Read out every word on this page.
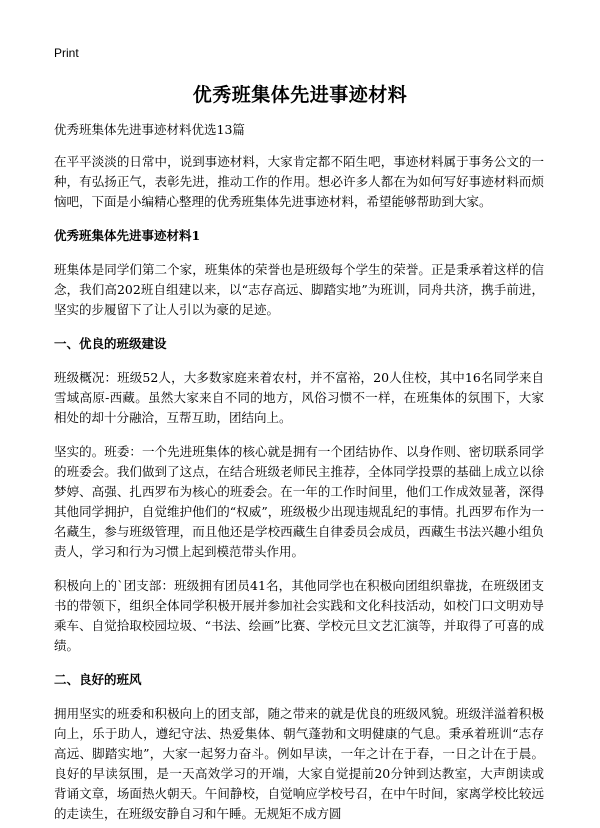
Print
优秀班集体先进事迹材料
优秀班集体先进事迹材料优选13篇

在平平淡淡的日常中，说到事迹材料，大家肯定都不陌生吧，事迹材料属于事务公文的一种，有弘扬正气，表彰先进，推动工作的作用。想必许多人都在为如何写好事迹材料而烦恼吧，下面是小编精心整理的优秀班集体先进事迹材料，希望能够帮助到大家。

优秀班集体先进事迹材料1

班集体是同学们第二个家，班集体的荣誉也是班级每个学生的荣誉。正是秉承着这样的信念，我们高202班自组建以来，以“志存高远、脚踏实地”为班训，同舟共济，携手前进，坚实的步履留下了让人引以为豪的足迹。

一、优良的班级建设

班级概况：班级52人，大多数家庭来着农村，并不富裕，20人住校，其中16名同学来自雪域高原-西藏。虽然大家来自不同的地方，风俗习惯不一样，在班集体的氛围下，大家相处的却十分融洽，互帮互助，团结向上。

坚实的。班委：一个先进班集体的核心就是拥有一个团结协作、以身作则、密切联系同学的班委会。我们做到了这点，在结合班级老师民主推荐，全体同学投票的基础上成立以徐梦婷、高强、扎西罗布为核心的班委会。在一年的工作时间里，他们工作成效显著，深得其他同学拥护，自觉维护他们的“权威”，班级极少出现违规乱纪的事情。扎西罗布作为一名藏生，参与班级管理，而且他还是学校西藏生自律委员会成员，西藏生书法兴趣小组负责人，学习和行为习惯上起到模范带头作用。

积极向上的`团支部：班级拥有团员41名，其他同学也在积极向团组织靠拢，在班级团支书的带领下，组织全体同学积极开展并参加社会实践和文化科技活动，如校门口文明劝导乘车、自觉拾取校园垃圾、“书法、绘画”比赛、学校元旦文艺汇演等，并取得了可喜的成绩。

二、良好的班风

拥用坚实的班委和积极向上的团支部，随之带来的就是优良的班级风貌。班级洋溢着积极向上，乐于助人，遵纪守法、热爱集体、朝气蓬勃和文明健康的气息。秉承着班训“志存高远、脚踏实地”，大家一起努力奋斗。例如早读，一年之计在于春，一日之计在于晨。良好的早读氛围，是一天高效学习的开端，大家自觉提前20分钟到达教室，大声朗读或背诵文章，场面热火朝天。午间静校，自觉响应学校号召，在中午时间，家离学校比较远的走读生，在班级安静自习和午睡。无规矩不成方圆
